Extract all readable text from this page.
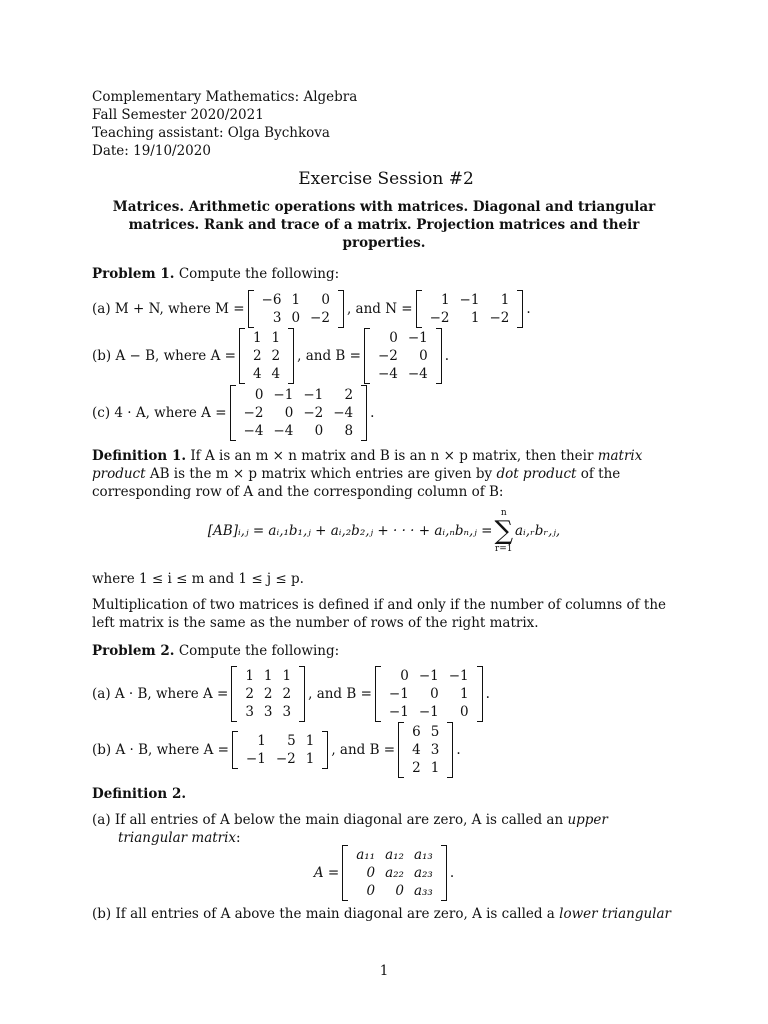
Complementary Mathematics: Algebra
Fall Semester 2020/2021
Teaching assistant: Olga Bychkova
Date: 19/10/2020
Exercise Session #2
Matrices. Arithmetic operations with matrices. Diagonal and triangular matrices. Rank and trace of a matrix. Projection matrices and their properties.
Problem 1. Compute the following:
(a) M + N, where M =
−6 1	0
3 0 −2
, and N =
1 −1	1
−2	1 −2
.
(b) A − B, where A =
1 1
2 2
4 4
, and B =
0 −1
−2	0
−4 −4
.
(c) 4 · A, where A =
0 −1 −1	2
−2	0 −2 −4
−4 −4	0	8
.
Definition 1. If A is an m × n matrix and B is an n × p matrix, then their matrix product AB is the m × p matrix which entries are given by dot product of the corresponding row of A and the corresponding column of B:
[AB]ᵢ,ⱼ = aᵢ,₁b₁,ⱼ + aᵢ,₂b₂,ⱼ + · · · + aᵢ,ₙbₙ,ⱼ =
n
∑
r=1
aᵢ,ᵣbᵣ,ⱼ,
where 1 ≤ i ≤ m and 1 ≤ j ≤ p.
Multiplication of two matrices is defined if and only if the number of columns of the left matrix is the same as the number of rows of the right matrix.
Problem 2. Compute the following:
(a) A · B, where A =
1 1 1
2 2 2
3 3 3
, and B =
0 −1 −1
−1	0	1
−1 −1	0
.
(b) A · B, where A =
1	5 1
−1 −2 1
, and B =
6 5
4 3
2 1
.
Definition 2.
(a) If all entries of A below the main diagonal are zero, A is called an upper triangular matrix:
A =
a₁₁ a₁₂ a₁₃
0 a₂₂ a₂₃
0	0 a₃₃
.
(b) If all entries of A above the main diagonal are zero, A is called a lower triangular
1
